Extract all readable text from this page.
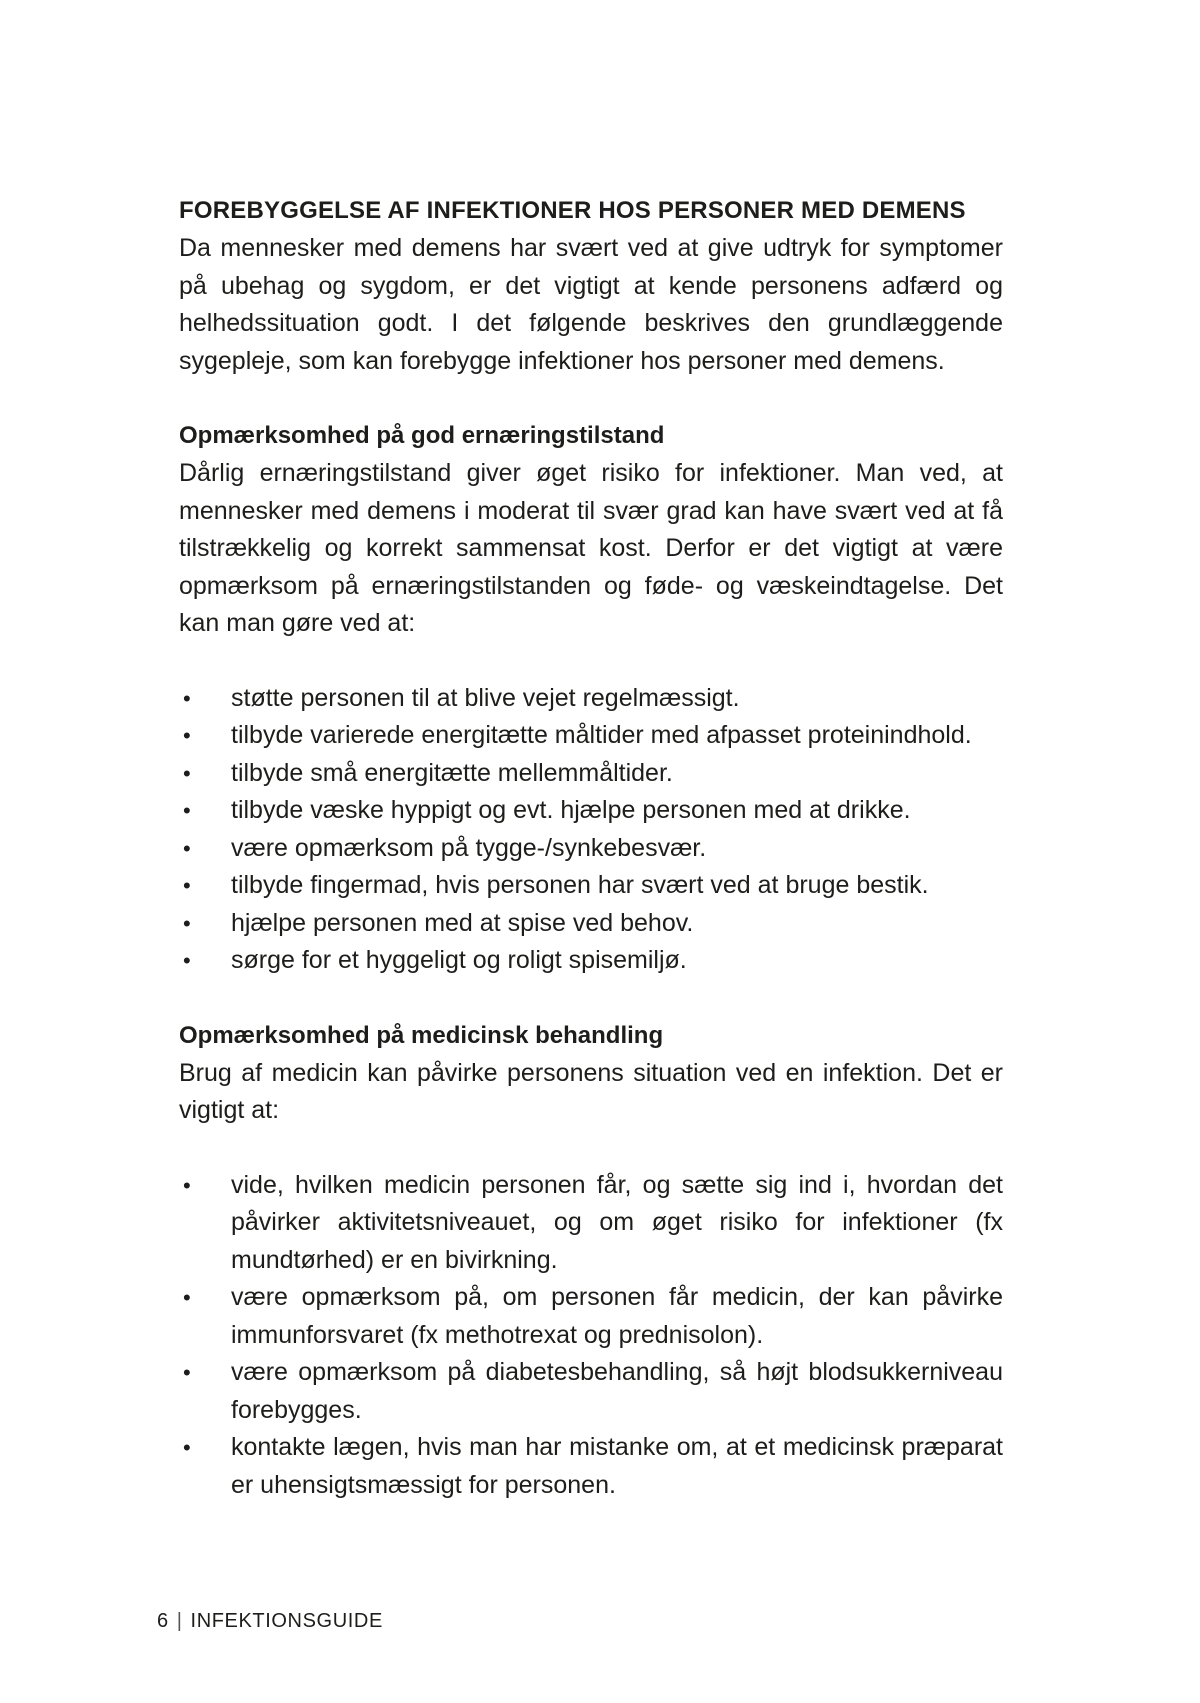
FOREBYGGELSE AF INFEKTIONER HOS PERSONER MED DEMENS

Da mennesker med demens har svært ved at give udtryk for symptomer på ubehag og sygdom, er det vigtigt at kende personens adfærd og helhedssituation godt. I det følgende beskrives den grundlæggende sygepleje, som kan forebygge infektioner hos personer med demens.

Opmærksomhed på god ernæringstilstand

Dårlig ernæringstilstand giver øget risiko for infektioner. Man ved, at mennesker med demens i moderat til svær grad kan have svært ved at få tilstrækkelig og korrekt sammensat kost. Derfor er det vigtigt at være opmærksom på ernæringstilstanden og føde- og væskeindtagelse. Det kan man gøre ved at:

• støtte personen til at blive vejet regelmæssigt.
• tilbyde varierede energitætte måltider med afpasset proteinindhold.
• tilbyde små energitætte mellemmåltider.
• tilbyde væske hyppigt og evt. hjælpe personen med at drikke.
• være opmærksom på tygge-/synkebesvær.
• tilbyde fingermad, hvis personen har svært ved at bruge bestik.
• hjælpe personen med at spise ved behov.
• sørge for et hyggeligt og roligt spisemiljø.
Opmærksomhed på medicinsk behandling

Brug af medicin kan påvirke personens situation ved en infektion. Det er vigtigt at:

• vide, hvilken medicin personen får, og sætte sig ind i, hvordan det påvirker aktivitetsniveauet, og om øget risiko for infektioner (fx mundtørhed) er en bivirkning.
• være opmærksom på, om personen får medicin, der kan påvirke immunforsvaret (fx methotrexat og prednisolon).
• være opmærksom på diabetesbehandling, så højt blodsukkerniveau forebygges.
• kontakte lægen, hvis man har mistanke om, at et medicinsk præparat er uhensigtsmæssigt for personen.
6 | INFEKTIONSGUIDE
